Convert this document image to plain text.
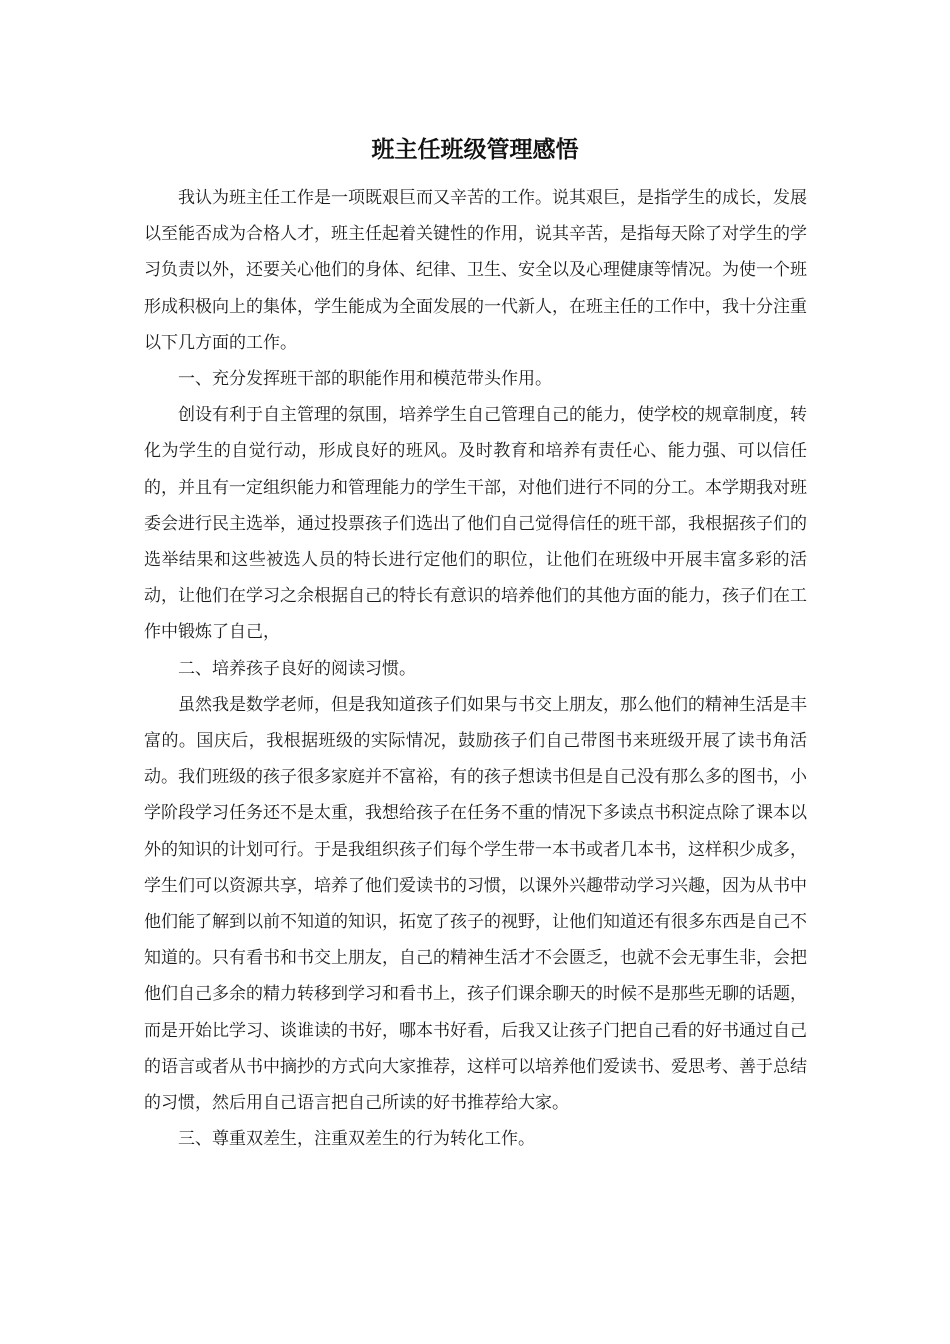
班主任班级管理感悟

我认为班主任工作是一项既艰巨而又辛苦的工作。说其艰巨，是指学生的成长，发展以至能否成为合格人才，班主任起着关键性的作用，说其辛苦，是指每天除了对学生的学习负责以外，还要关心他们的身体、纪律、卫生、安全以及心理健康等情况。为使一个班形成积极向上的集体，学生能成为全面发展的一代新人，在班主任的工作中，我十分注重以下几方面的工作。

一、充分发挥班干部的职能作用和模范带头作用。

创设有利于自主管理的氛围，培养学生自己管理自己的能力，使学校的规章制度，转化为学生的自觉行动，形成良好的班风。及时教育和培养有责任心、能力强、可以信任的，并且有一定组织能力和管理能力的学生干部，对他们进行不同的分工。本学期我对班委会进行民主选举，通过投票孩子们选出了他们自己觉得信任的班干部，我根据孩子们的选举结果和这些被选人员的特长进行定他们的职位，让他们在班级中开展丰富多彩的活动，让他们在学习之余根据自己的特长有意识的培养他们的其他方面的能力，孩子们在工作中锻炼了自己，

二、培养孩子良好的阅读习惯。

虽然我是数学老师，但是我知道孩子们如果与书交上朋友，那么他们的精神生活是丰富的。国庆后，我根据班级的实际情况，鼓励孩子们自己带图书来班级开展了读书角活动。我们班级的孩子很多家庭并不富裕，有的孩子想读书但是自己没有那么多的图书，小学阶段学习任务还不是太重，我想给孩子在任务不重的情况下多读点书积淀点除了课本以外的知识的计划可行。于是我组织孩子们每个学生带一本书或者几本书，这样积少成多，学生们可以资源共享，培养了他们爱读书的习惯，以课外兴趣带动学习兴趣，因为从书中他们能了解到以前不知道的知识，拓宽了孩子的视野，让他们知道还有很多东西是自己不知道的。只有看书和书交上朋友，自己的精神生活才不会匮乏，也就不会无事生非，会把他们自己多余的精力转移到学习和看书上，孩子们课余聊天的时候不是那些无聊的话题，而是开始比学习、谈谁读的书好，哪本书好看，后我又让孩子门把自己看的好书通过自己的语言或者从书中摘抄的方式向大家推荐，这样可以培养他们爱读书、爱思考、善于总结的习惯，然后用自己语言把自己所读的好书推荐给大家。

三、尊重双差生，注重双差生的行为转化工作。
